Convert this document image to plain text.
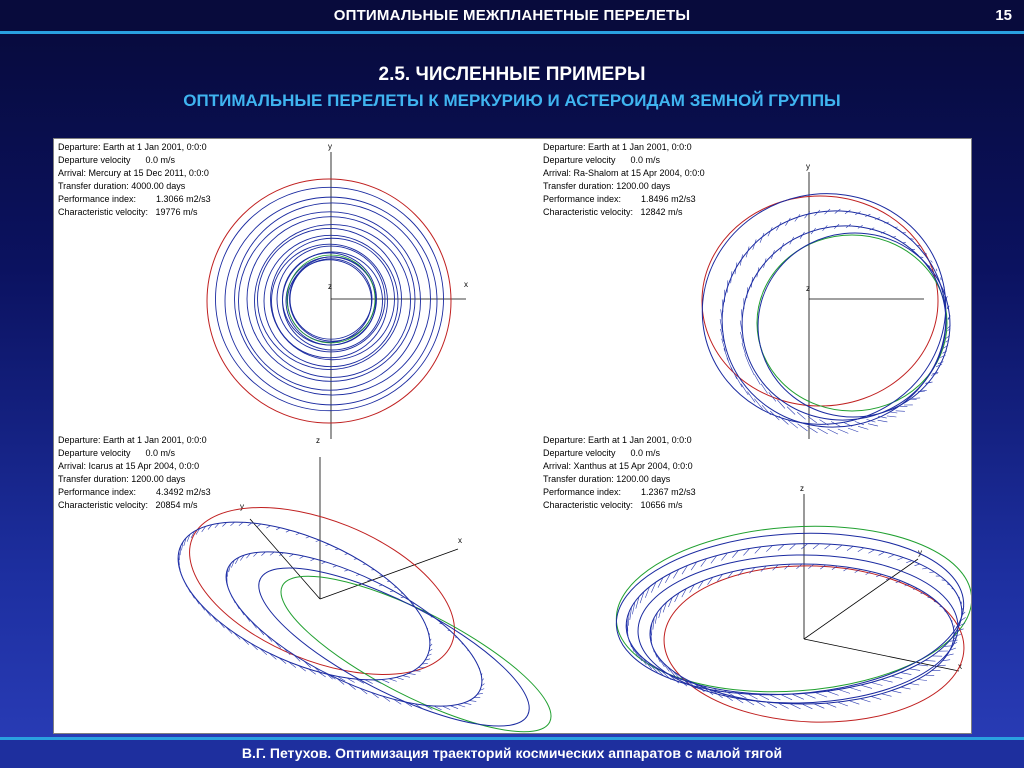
ОПТИМАЛЬНЫЕ МЕЖПЛАНЕТНЫЕ ПЕРЕЛЕТЫ	15
2.5. ЧИСЛЕННЫЕ ПРИМЕРЫ
ОПТИМАЛЬНЫЕ ПЕРЕЛЕТЫ К МЕРКУРИЮ И АСТЕРОИДАМ ЗЕМНОЙ ГРУППЫ
y
x
z
y
z
z
y
x
z
y
x
Departure: Earth at 1 Jan 2001, 0:0:0
Departure velocity      0.0 m/s
Arrival: Mercury at 15 Dec 2011, 0:0:0
Transfer duration: 4000.00 days
Performance index:        1.3066 m2/s3
Characteristic velocity:   19776 m/s
Departure: Earth at 1 Jan 2001, 0:0:0
Departure velocity      0.0 m/s
Arrival: Ra-Shalom at 15 Apr 2004, 0:0:0
Transfer duration: 1200.00 days
Performance index:        1.8496 m2/s3
Characteristic velocity:   12842 m/s
Departure: Earth at 1 Jan 2001, 0:0:0
Departure velocity      0.0 m/s
Arrival: Icarus at 15 Apr 2004, 0:0:0
Transfer duration: 1200.00 days
Performance index:        4.3492 m2/s3
Characteristic velocity:   20854 m/s
Departure: Earth at 1 Jan 2001, 0:0:0
Departure velocity      0.0 m/s
Arrival: Xanthus at 15 Apr 2004, 0:0:0
Transfer duration: 1200.00 days
Performance index:        1.2367 m2/s3
Characteristic velocity:   10656 m/s
В.Г. Петухов. Оптимизация траекторий космических аппаратов с малой тягой
